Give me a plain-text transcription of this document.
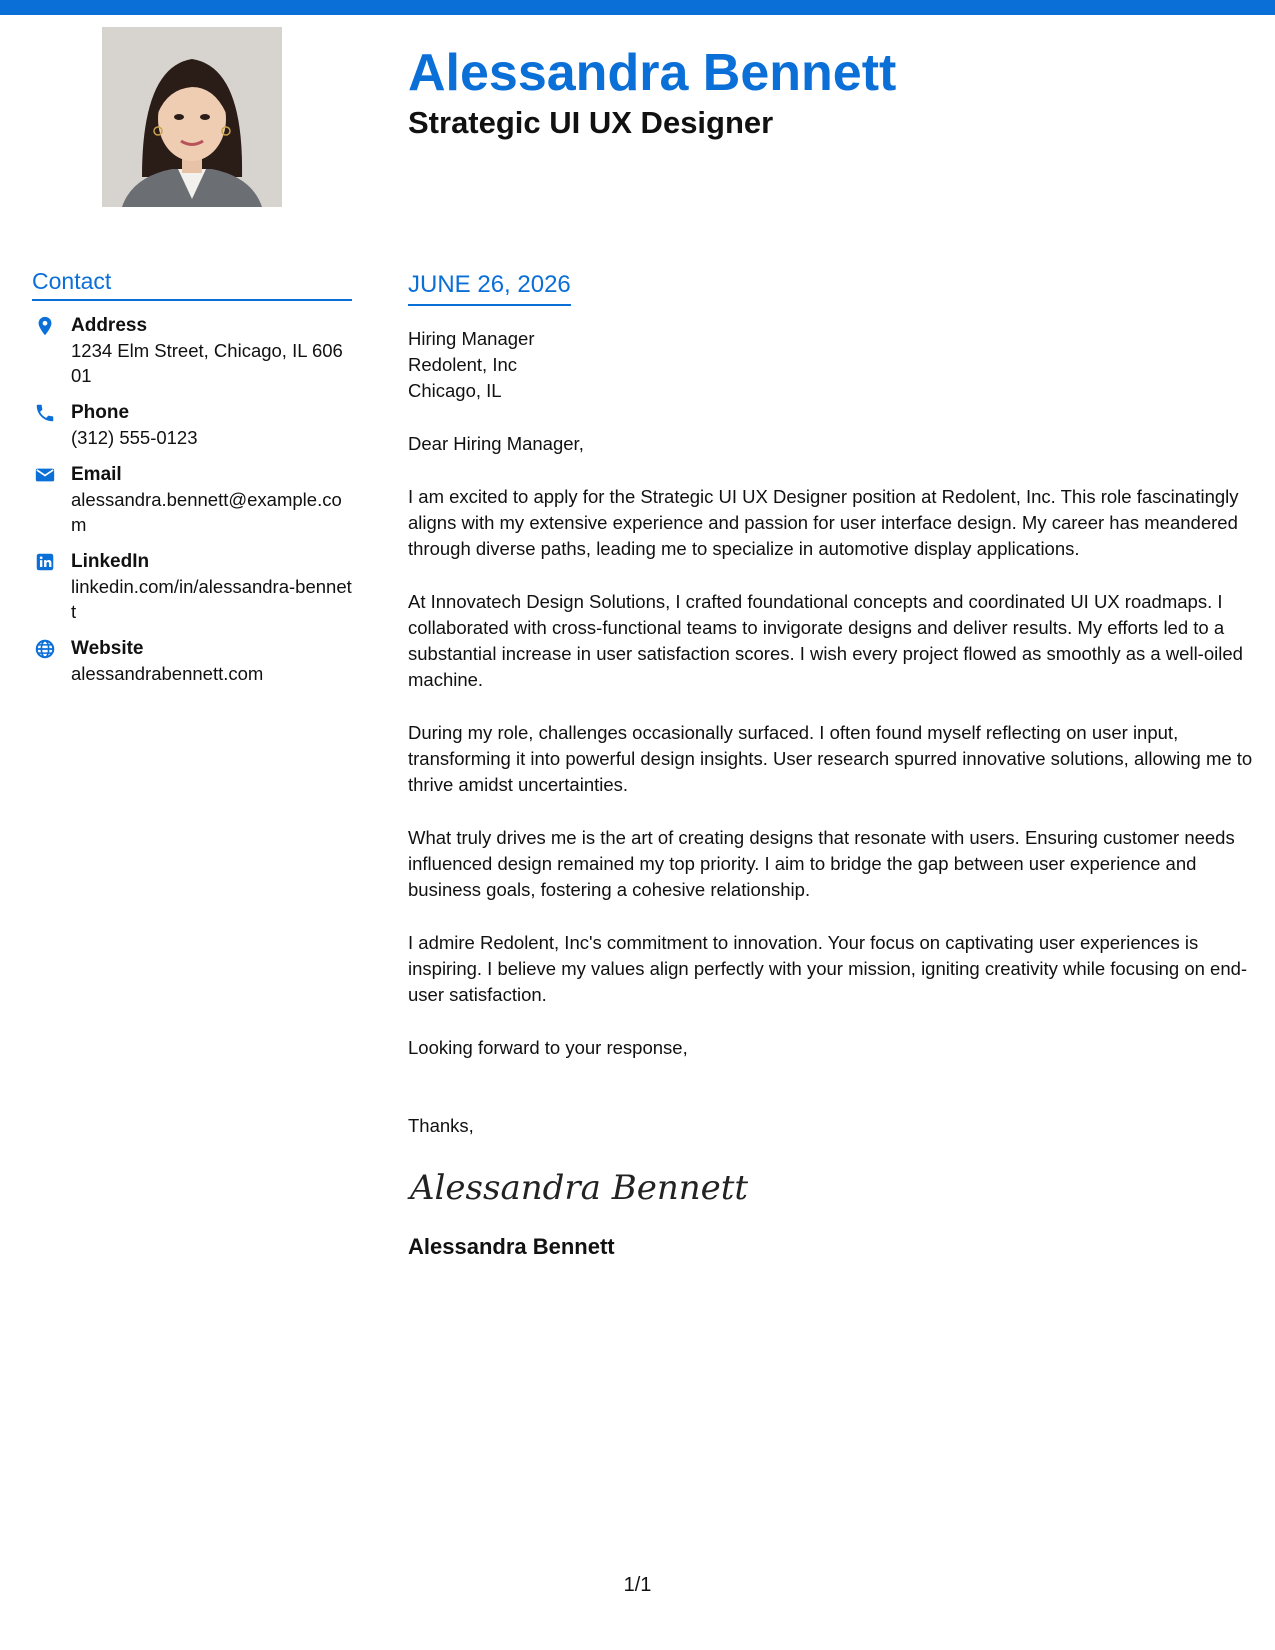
Alessandra Bennett
Strategic UI UX Designer
Contact
Address
1234 Elm Street, Chicago, IL 60601
Phone
(312) 555-0123
Email
alessandra.bennett@example.com
LinkedIn
linkedin.com/in/alessandra-bennett
Website
alessandrabennett.com
JUNE 26, 2026
Hiring Manager
Redolent, Inc
Chicago, IL
Dear Hiring Manager,

I am excited to apply for the Strategic UI UX Designer position at Redolent, Inc. This role fascinatingly aligns with my extensive experience and passion for user interface design. My career has meandered through diverse paths, leading me to specialize in automotive display applications.

At Innovatech Design Solutions, I crafted foundational concepts and coordinated UI UX roadmaps. I collaborated with cross-functional teams to invigorate designs and deliver results. My efforts led to a substantial increase in user satisfaction scores. I wish every project flowed as smoothly as a well-oiled machine.

During my role, challenges occasionally surfaced. I often found myself reflecting on user input, transforming it into powerful design insights. User research spurred innovative solutions, allowing me to thrive amidst uncertainties.

What truly drives me is the art of creating designs that resonate with users. Ensuring customer needs influenced design remained my top priority. I aim to bridge the gap between user experience and business goals, fostering a cohesive relationship.

I admire Redolent, Inc's commitment to innovation. Your focus on captivating user experiences is inspiring. I believe my values align perfectly with your mission, igniting creativity while focusing on end-user satisfaction.

Looking forward to your response,
Thanks,
Alessandra Bennett
Alessandra Bennett
1/1
